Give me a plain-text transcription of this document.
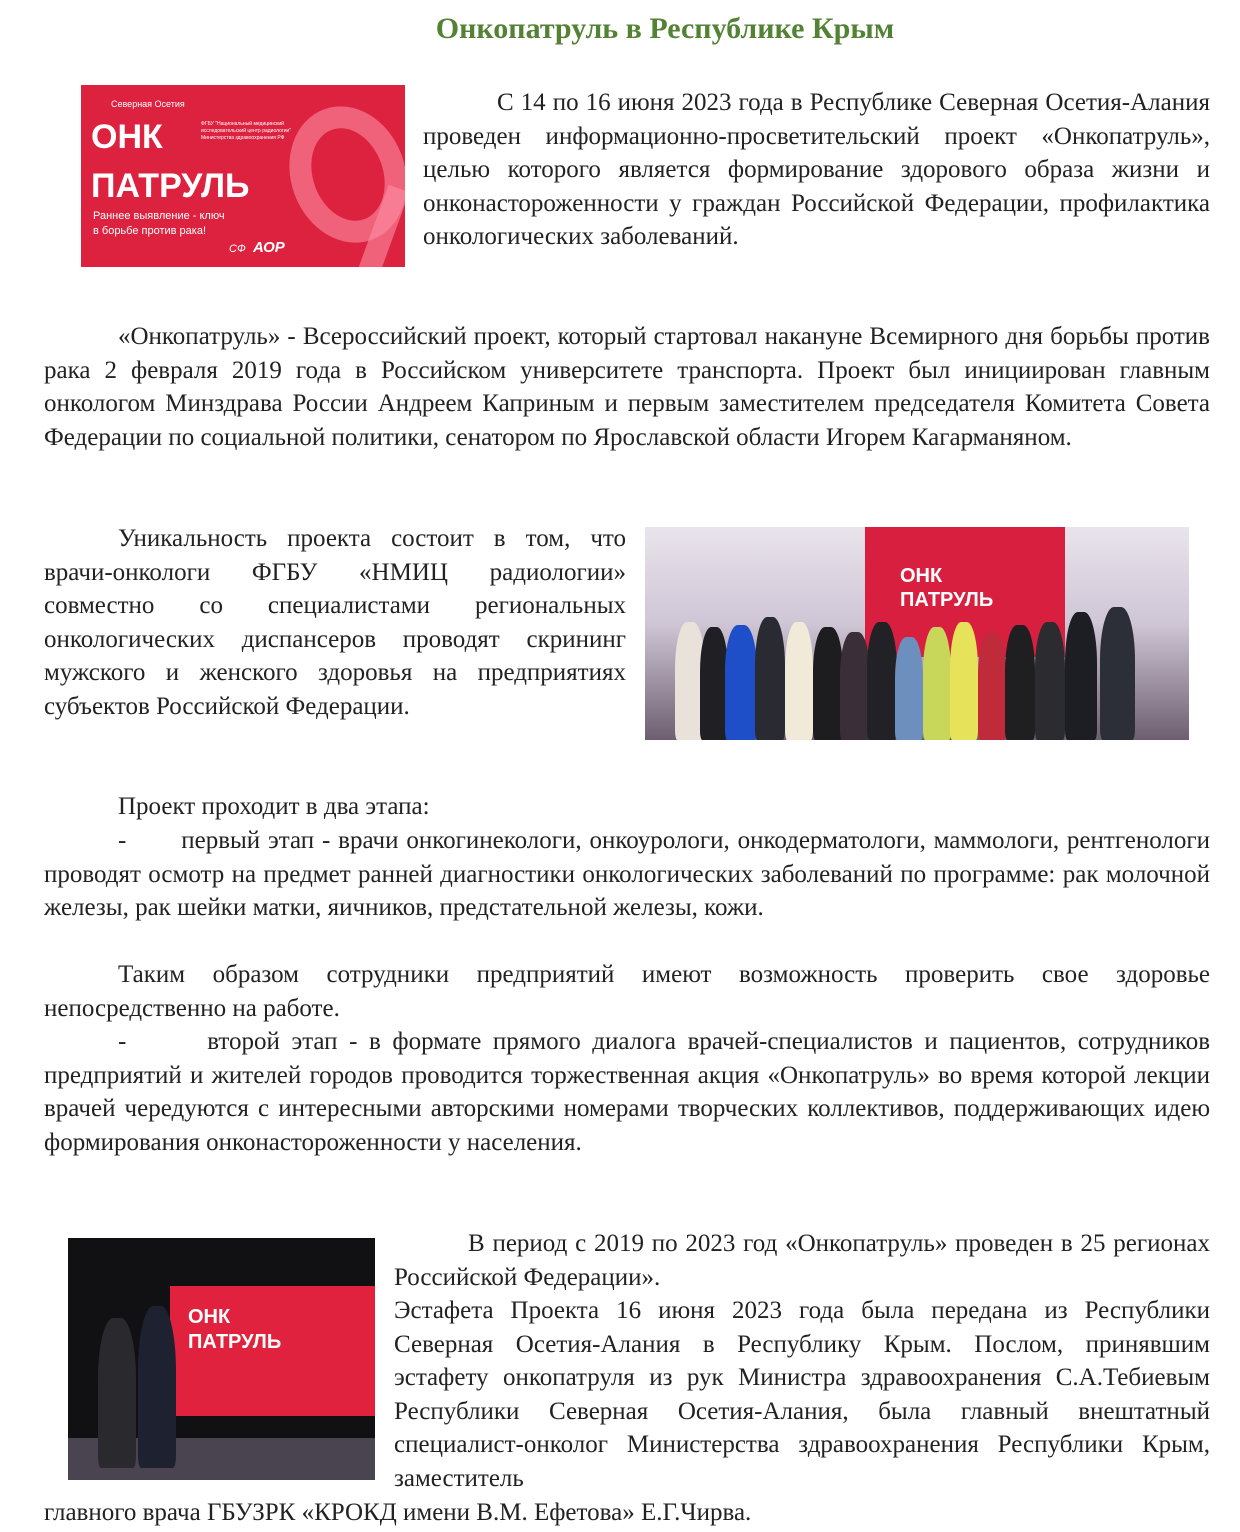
Онкопатруль в Республике Крым
Северная Осетия
ФГБУ "Национальный медицинский исследовательский центр радиологии" Министерства здравоохранения РФ
ОНК
ПАТРУЛЬ
Раннее выявление - ключ
в борьбе против рака!
СФ АОР
С 14 по 16 июня 2023 года в Республике Северная Осетия-Алания проведен информационно-просветительский проект «Онкопатруль», целью которого является формирование здорового образа жизни и онконастороженности у граждан Российской Федерации, профилактика онкологических заболеваний.
«Онкопатруль» - Всероссийский проект, который стартовал накануне Всемирного дня борьбы против рака 2 февраля 2019 года в Российском университете транспорта. Проект был инициирован главным онкологом Минздрава России Андреем Каприным и первым заместителем председателя Комитета Совета Федерации по социальной политики, сенатором по Ярославской области Игорем Кагарманяном.
Уникальность проекта состоит в том, что врачи-онкологи ФГБУ «НМИЦ радиологии» совместно со специалистами региональных онкологических диспансеров проводят скрининг мужского и женского здоровья на предприятиях субъектов Российской Федерации.
ОНК
ПАТРУЛЬ
Проект проходит в два этапа:
-       первый этап - врачи онкогинекологи, онкоурологи, онкодерматологи, маммологи, рентгенологи проводят осмотр на предмет ранней диагностики онкологических заболеваний по программе: рак молочной железы, рак шейки матки, яичников, предстательной железы, кожи.
Таким образом сотрудники предприятий имеют возможность проверить свое здоровье непосредственно на работе.
-       второй этап - в формате прямого диалога врачей-специалистов и пациентов, сотрудников предприятий и жителей городов проводится торжественная акция «Онкопатруль» во время которой лекции врачей чередуются с интересными авторскими номерами творческих коллективов, поддерживающих идею формирования онконастороженности у населения.
ОНК
ПАТРУЛЬ

В период с 2019 по 2023 год «Онкопатруль» проведен в 25 регионах Российской Федерации».

Эстафета Проекта 16 июня 2023 года была передана из Республики Северная Осетия-Алания в Республику Крым. Послом, принявшим эстафету онкопатруля из рук Министра здравоохранения С.А.Тебиевым Республики Северная Осетия-Алания, была главный внештатный специалист-онколог Министерства здравоохранения Республики Крым, заместитель

главного врача ГБУЗРК «КРОКД имени В.М. Ефетова» Е.Г.Чирва.
